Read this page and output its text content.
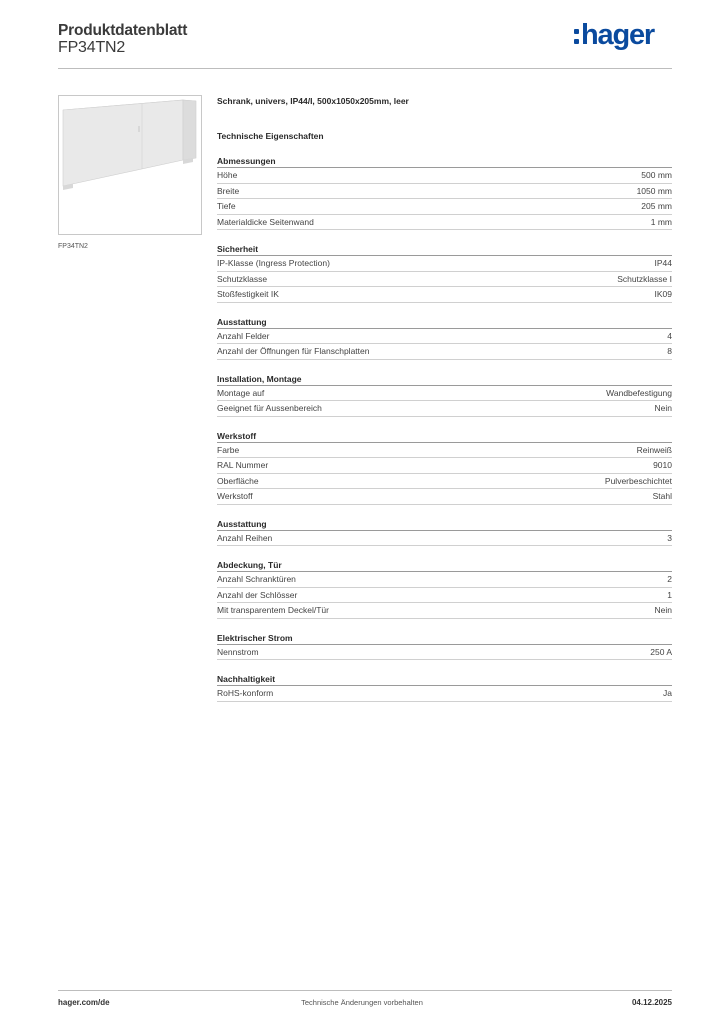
Produktdatenblatt
FP34TN2	hager
FP34TN2
Schrank, univers, IP44/I, 500x1050x205mm, leer
Technische Eigenschaften
Abmessungen
Höhe	500 mm
Breite	1050 mm
Tiefe	205 mm
Materialdicke Seitenwand	1 mm
Sicherheit
IP-Klasse (Ingress Protection)	IP44
Schutzklasse	Schutzklasse I
Stoßfestigkeit IK	IK09
Ausstattung
Anzahl Felder	4
Anzahl der Öffnungen für Flanschplatten	8
Installation, Montage
Montage auf	Wandbefestigung
Geeignet für Aussenbereich	Nein
Werkstoff
Farbe	Reinweiß
RAL Nummer	9010
Oberfläche	Pulverbeschichtet
Werkstoff	Stahl
Ausstattung
Anzahl Reihen	3
Abdeckung, Tür
Anzahl Schranktüren	2
Anzahl der Schlösser	1
Mit transparentem Deckel/Tür	Nein
Elektrischer Strom
Nennstrom	250 A
Nachhaltigkeit
RoHS-konform	Ja
Technische Änderungen vorbehalten
hager.com/de	04.12.2025
